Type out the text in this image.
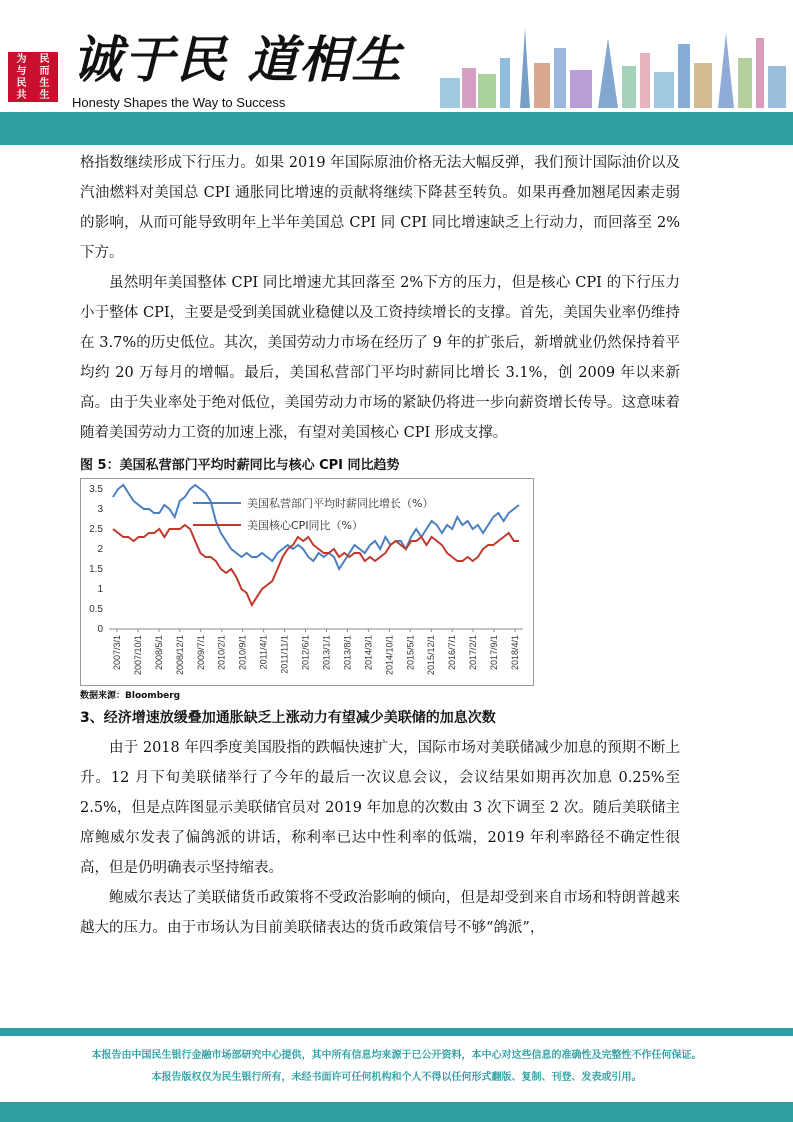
为	民
与	而
民	生
共	生
诚于民 道相生
Honesty Shapes the Way to Success

格指数继续形成下行压力。如果 2019 年国际原油价格无法大幅反弹，我们预计国际油价以及汽油燃料对美国总 CPI 通胀同比增速的贡献将继续下降甚至转负。如果再叠加翘尾因素走弱的影响，从而可能导致明年上半年美国总 CPI 同 CPI 同比增速缺乏上行动力，而回落至 2%下方。

虽然明年美国整体 CPI 同比增速尤其回落至 2%下方的压力，但是核心 CPI 的下行压力小于整体 CPI，主要是受到美国就业稳健以及工资持续增长的支撑。首先，美国失业率仍维持在 3.7%的历史低位。其次，美国劳动力市场在经历了 9 年的扩张后，新增就业仍然保持着平均约 20 万每月的增幅。最后，美国私营部门平均时薪同比增长 3.1%，创 2009 年以来新高。由于失业率处于绝对低位，美国劳动力市场的紧缺仍将进一步向薪资增长传导。这意味着随着美国劳动力工资的加速上涨，有望对美国核心 CPI 形成支撑。

图 5：美国私营部门平均时薪同比与核心 CPI 同比趋势
0
0.5
1
1.5
2
2.5
3
3.5
2007/3/1 2007/10/1 2008/5/1 2008/12/1 2009/7/1 2010/2/1 2010/9/1 2011/4/1 2011/11/1 2012/6/1 2013/1/1 2013/8/1 2014/3/1 2014/10/1 2015/5/1 2015/12/1 2016/7/1 2017/2/1 2017/9/1 2018/4/1
美国私营部门平均时薪同比增长（%）
美国核心CPI同比（%）
数据来源：Bloomberg
3、经济增速放缓叠加通胀缺乏上涨动力有望减少美联储的加息次数

由于 2018 年四季度美国股指的跌幅快速扩大，国际市场对美联储减少加息的预期不断上升。12 月下旬美联储举行了今年的最后一次议息会议，会议结果如期再次加息 0.25%至 2.5%，但是点阵图显示美联储官员对 2019 年加息的次数由 3 次下调至 2 次。随后美联储主席鲍威尔发表了偏鸽派的讲话，称利率已达中性利率的低端，2019 年利率路径不确定性很高，但是仍明确表示坚持缩表。

鲍威尔表达了美联储货币政策将不受政治影响的倾向，但是却受到来自市场和特朗普越来越大的压力。由于市场认为目前美联储表达的货币政策信号不够“鸽派”，

本报告由中国民生银行金融市场部研究中心提供，其中所有信息均来源于已公开资料，本中心对这些信息的准确性及完整性不作任何保证。
本报告版权仅为民生银行所有，未经书面许可任何机构和个人不得以任何形式翻版、复制、刊登、发表或引用。
